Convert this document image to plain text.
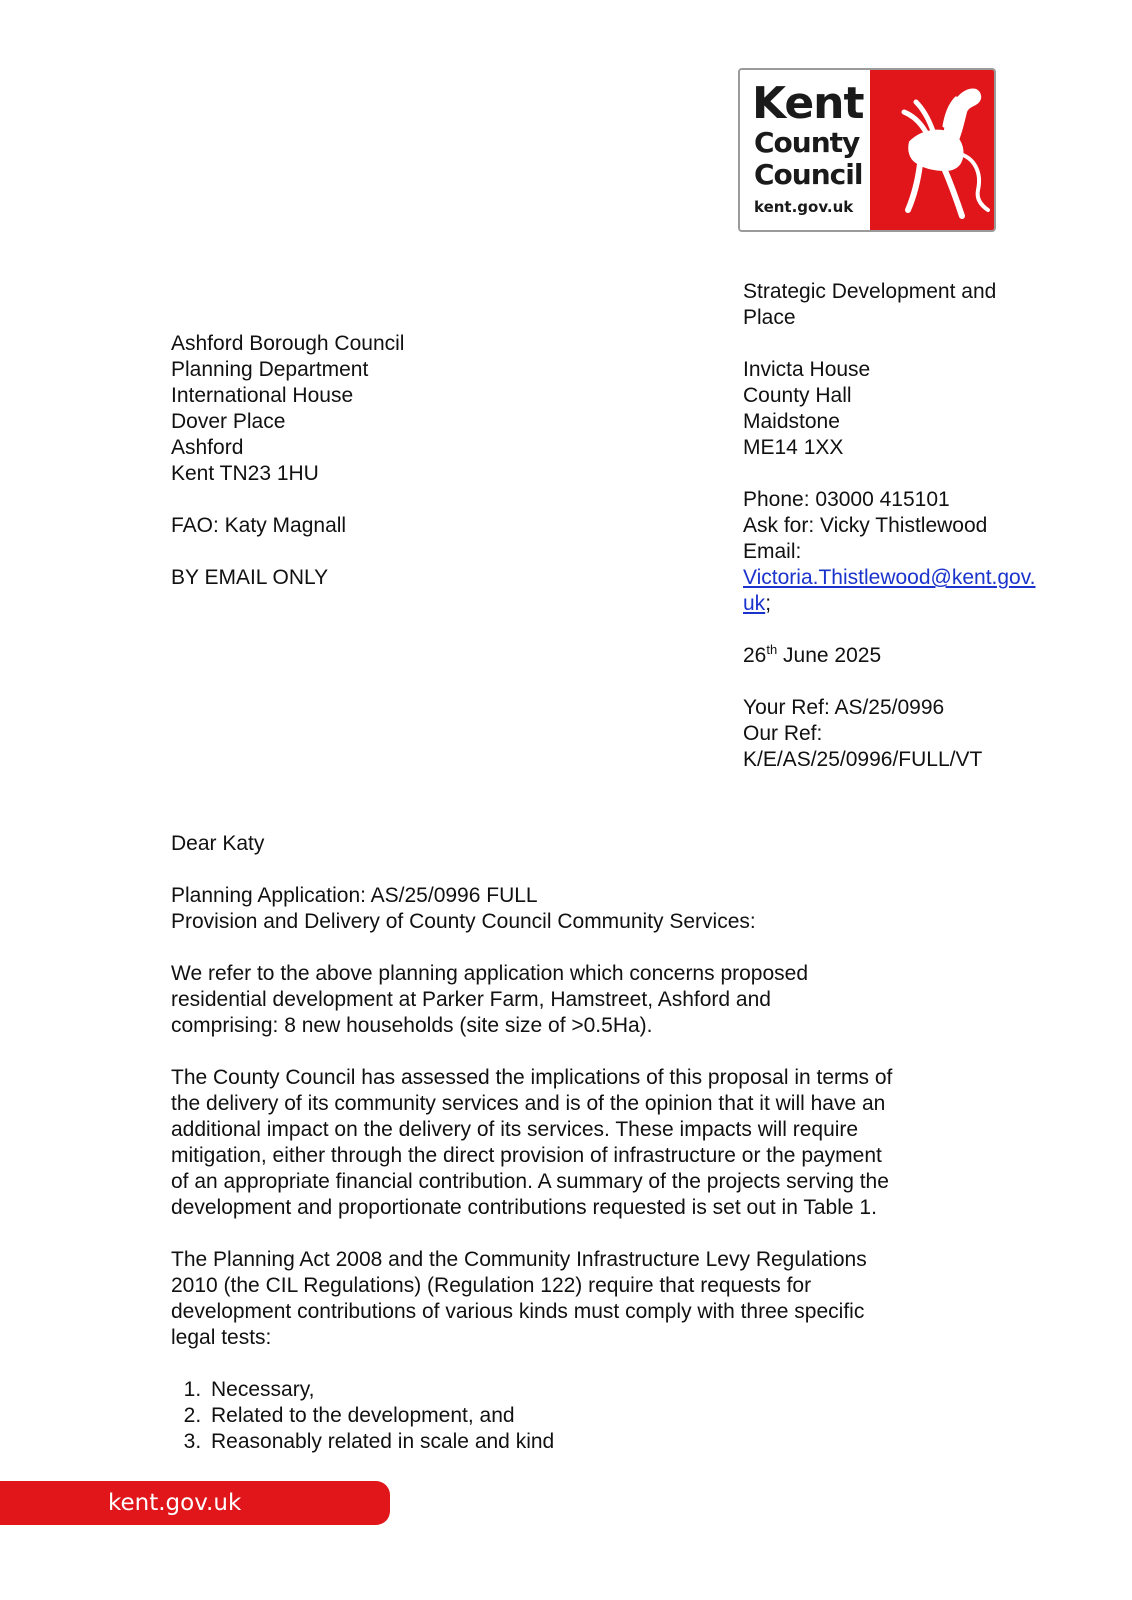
Kent
County
Council
kent.gov.uk
Ashford Borough Council
Planning Department
International House
Dover Place
Ashford
Kent TN23 1HU
FAO: Katy Magnall
BY EMAIL ONLY
Strategic Development and
Place
Invicta House
County Hall
Maidstone
ME14 1XX
Phone: 03000 415101
Ask for: Vicky Thistlewood
Email:
Victoria.Thistlewood@kent.gov.
uk;
26th June 2025
Your Ref: AS/25/0996
Our Ref:
K/E/AS/25/0996/FULL/VT

Dear Katy

Planning Application: AS/25/0996 FULL
Provision and Delivery of County Council Community Services:

We refer to the above planning application which concerns proposed
residential development at Parker Farm, Hamstreet, Ashford and
comprising: 8 new households (site size of >0.5Ha).

The County Council has assessed the implications of this proposal in terms of
the delivery of its community services and is of the opinion that it will have an
additional impact on the delivery of its services. These impacts will require
mitigation, either through the direct provision of infrastructure or the payment
of an appropriate financial contribution. A summary of the projects serving the
development and proportionate contributions requested is set out in Table 1.

The Planning Act 2008 and the Community Infrastructure Levy Regulations
2010 (the CIL Regulations) (Regulation 122) require that requests for
development contributions of various kinds must comply with three specific
legal tests:

1. Necessary,
2. Related to the development, and
3. Reasonably related in scale and kind
kent.gov.uk
